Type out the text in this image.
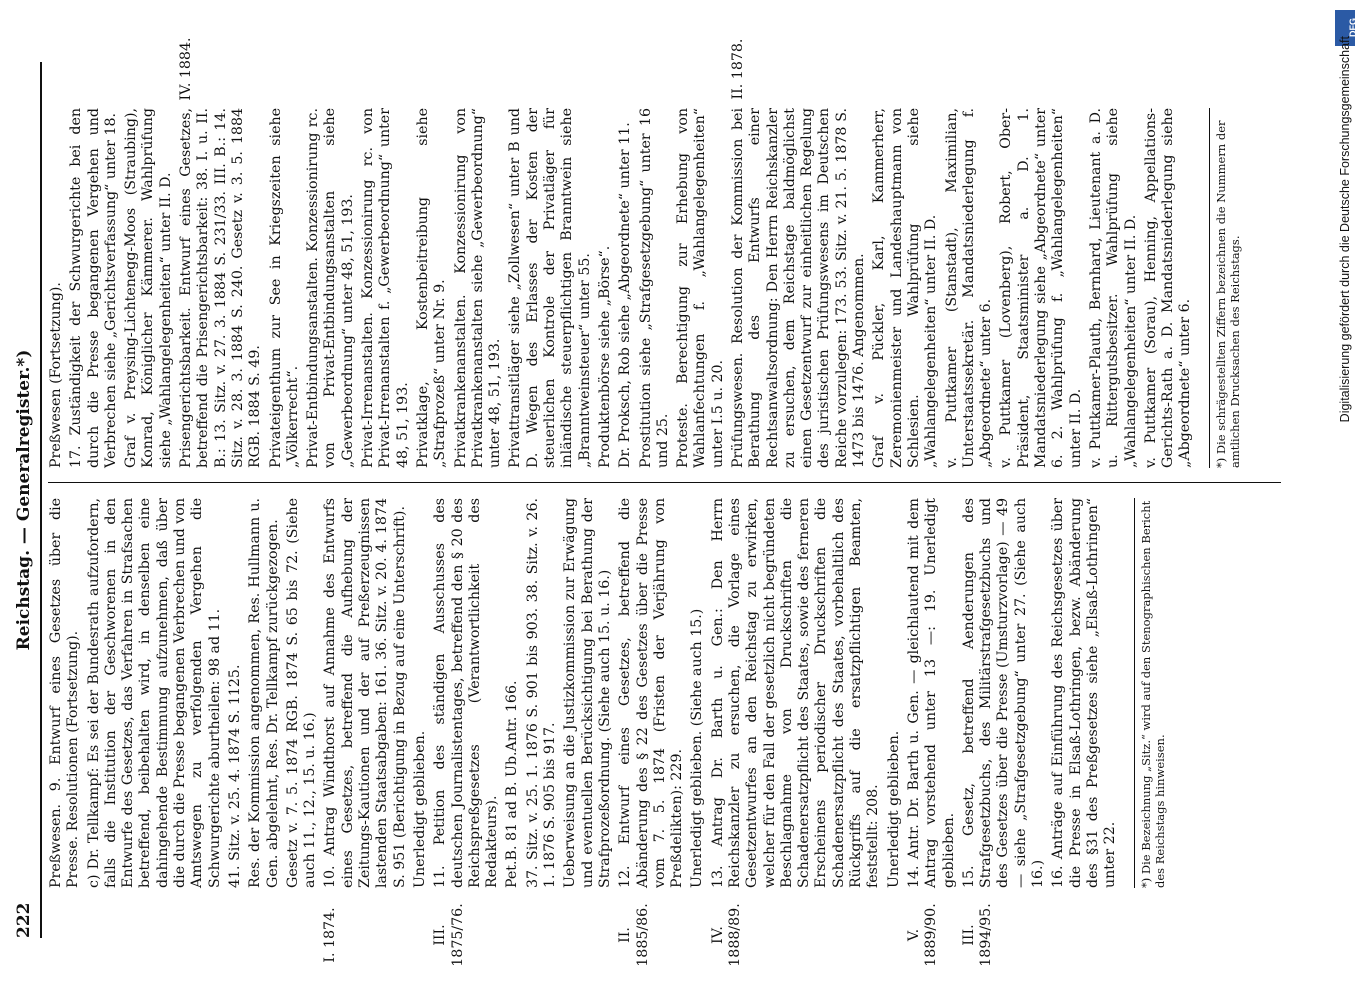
222
Reichstag. — Generalregister.*) Preßwesen. 9. Entwurf eines Gesetzes über die Presse. Resolutionen (Fortsetzung). c) Dr. Tellkampf: Es sei der Bundesrath aufzufordern, falls die Institution der Geschworenen in den Entwurfe des Gesetzes, das Verfahren in Strafsachen betreffend, beibehalten wird, in denselben eine dahingehende Bestimmung aufzunehmen, daß über die durch die Presse begangenen Verbrechen und von Amtswegen zu verfolgenden Vergehen die Schwurgerichte aburtheilen: 98 ad 11. 41. Sitz. v. 25. 4. 1874 S. 1125. Res. der Kommission angenommen, Res. Hullmann u. Gen. abgelehnt, Res. Dr. Tellkampf zurückgezogen. Gesetz v. 7. 5. 1874 RGB. 1874 S. 65 bis 72. (Siehe auch 11., 12., 15. u. 16.) 10. Antrag Windthorst auf Annahme des Entwurfs eines Gesetzes, betreffend die Aufhebung der Zeitungs-Kautionen und der auf Preßerzeugnissen lastenden Staatsabgaben: 161. 36. Sitz. v. 20. 4. 1874 S. 951 (Berichtigung in Bezug auf eine Unterschrift).
I. 1874.
Unerledigt geblieben. 11. Petition des ständigen Ausschusses des deutschen Journalistentages, betreffend den § 20 des Reichspreßgesetzes (Verantwortlichkeit des Redakteurs).
III. 1875/76.
Pet.B. 81 ad B. Ub.Antr. 166. 37. Sitz. v. 25. 1. 1876 S. 901 bis 903. 38. Sitz. v. 26. 1. 1876 S. 905 bis 917. Ueberweisung an die Justizkommission zur Erwägung und eventuellen Berücksichtigung bei Berathung der Strafprozeßordnung. (Siehe auch 15. u. 16.) 12. Entwurf eines Gesetzes, betreffend die Abänderung des § 22 des Gesetzes über die Presse vom 7. 5. 1874 (Fristen der Verjährung von Preßdelikten): 229.
II. 1885/86.
Unerledigt geblieben. (Siehe auch 15.) 13. Antrag Dr. Barth u. Gen.: Den Herrn Reichskanzler zu ersuchen, die Vorlage eines Gesetzentwurfes an den Reichstag zu erwirken, welcher für den Fall der gesetzlich nicht begründeten Beschlagnahme von Druckschriften die Schadenersatzpflicht des Staates, sowie des ferneren Erscheinens periodischer Druckschriften die Schadenersatzpflicht des Staates, vorbehaltlich des Rückgriffs auf die ersatzpflichtigen Beamten, feststellt: 208.
IV. 1888/89.
Unerledigt geblieben. 14. Antr. Dr. Barth u. Gen. — gleichlautend mit dem Antrag vorstehend unter 13 —: 19. Unerledigt geblieben.
V. 1889/90.
15. Gesetz, betreffend Aenderungen des Strafgesetzbuchs, des Militärstrafgesetzbuchs und des Gesetzes über die Presse (Umsturzvorlage) — 49 — siehe „Strafgesetzgebung“ unter 27. (Siehe auch 16.)
III. 1894/95.
16. Anträge auf Einführung des Reichsgesetzes über die Presse in Elsaß-Lothringen, bezw. Abänderung des §31 des Preßgesetzes siehe „Elsaß-Lothringen“ unter 22.	*) Die Bezeichnung „Sitz.“ wird auf den Stenographischen Bericht des Reichstags hinweisen.
Preßwesen (Fortsetzung). 17. Zuständigkeit der Schwurgerichte bei den durch die Presse begangenen Vergehen und Verbrechen siehe „Gerichtsverfassung“ unter 18. Graf v. Preysing-Lichtenegg-Moos (Straubing), Konrad, Königlicher Kämmerer. Wahlprüfung siehe „Wahlangelegenheiten“ unter II. D. Prisengerichtsbarkeit. Entwurf eines Gesetzes, betreffend die Prisengerichtsbarkeit: 38. I. u. II. B.: 13. Sitz. v. 27. 3. 1884 S. 231/33. III. B.: 14. Sitz. v. 28. 3. 1884 S. 240. Gesetz v. 3. 5. 1884 RGB. 1884 S. 49.
IV. 1884.
Privateigenthum zur See in Kriegszeiten siehe „Völkerrecht“. Privat-Entbindungsanstalten. Konzessionirung rc. von Privat-Entbindungsanstalten siehe „Gewerbeordnung“ unter 48, 51, 193. Privat-Irrenanstalten. Konzessionirung rc. von Privat-Irrenanstalten f. „Gewerbeordnung“ unter 48, 51, 193. Privatklage, Kostenbeitreibung siehe „Strafprozeß“ unter Nr. 9. Privatkrankenanstalten. Konzessionirung von Privatkrankenanstalten siehe „Gewerbeordnung“ unter 48, 51, 193. Privattransitläger siehe „Zollwesen“ unter B und D. Wegen des Erlasses der Kosten der steuerlichen Kontrole der Privatläger für inländische steuerpflichtigen Branntwein siehe „Branntweinsteuer“ unter 55. Produktenbörse siehe „Börse“. Dr. Proksch, Rob siehe „Abgeordnete“ unter 11. Prostitution siehe „Strafgesetzgebung“ unter 16 und 25. Proteste. Berechtigung zur Erhebung von Wahlanfechtungen f. „Wahlangelegenheiten“ unter I.5 u. 20. Prüfungswesen. Resolution der Kommission bei Berathung des Entwurfs einer Rechtsanwaltsordnung: Den Herrn Reichskanzler zu ersuchen, dem Reichstage baldmöglichst einen Gesetzentwurf zur einheitlichen Regelung des juristischen Prüfungswesens im Deutschen Reiche vorzulegen: 173. 53. Sitz. v. 21. 5. 1878 S. 1473 bis 1476. Angenommen.
II. 1878.
Graf v. Pückler, Karl, Kammerherr, Zeremonienmeister und Landeshauptmann von Schlesien. Wahlprüfung siehe „Wahlangelegenheiten“ unter II. D. v. Puttkamer (Stanstadt), Maximilian, Unterstaatssekretär. Mandatsniederlegung f. „Abgeordnete“ unter 6. v. Puttkamer (Lovenberg), Robert, Ober-Präsident, Staatsminister a. D. 1. Mandatsniederlegung siehe „Abgeordnete“ unter 6. 2. Wahlprüfung f. „Wahlangelegenheiten“ unter II. D. v. Puttkamer-Plauth, Bernhard, Lieutenant a. D. u. Rittergutsbesitzer. Wahlprüfung siehe „Wahlangelegenheiten“ unter II. D. v. Puttkamer (Sorau), Henning, Appellations-Gerichts-Rath a. D. Mandatsniederlegung siehe „Abgeordnete“ unter 6.	*) Die schrägestellten Ziffern bezeichnen die Nummern der amtlichen Drucksachen des Reichstags.
DFG
Digitalisierung gefördert durch die Deutsche Forschungsgemeinschaft
